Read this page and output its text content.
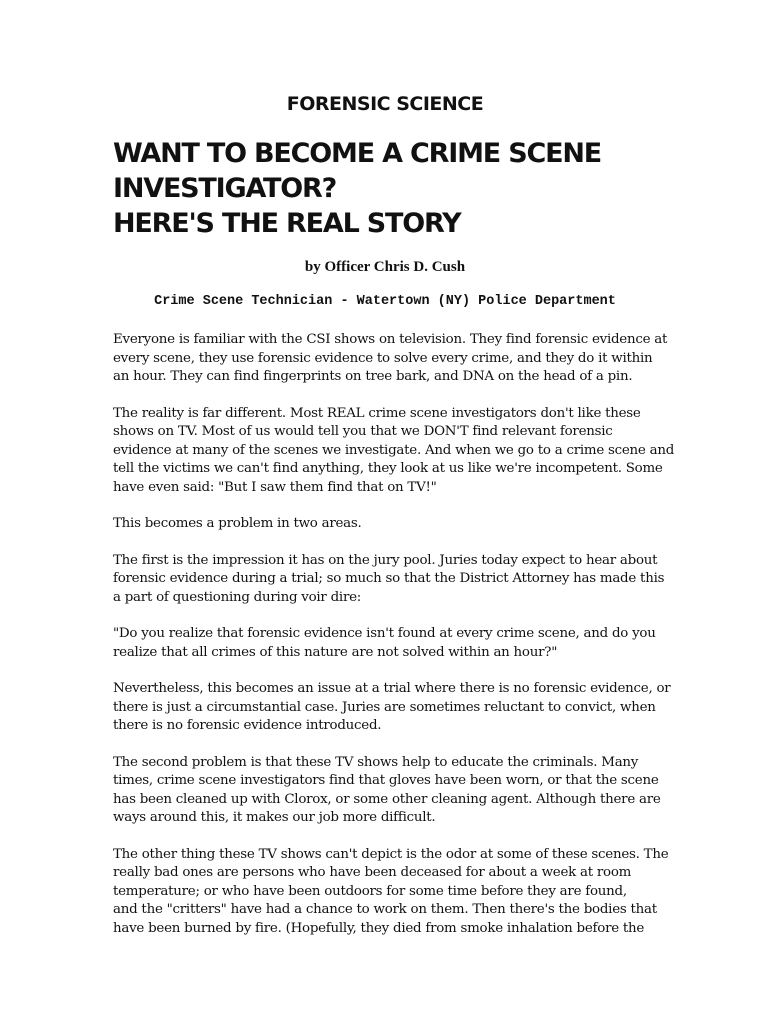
FORENSIC SCIENCE
WANT TO BECOME A CRIME SCENE
INVESTIGATOR?
HERE'S THE REAL STORY

by Officer Chris D. Cush

Crime Scene Technician - Watertown (NY) Police Department

Everyone is familiar with the CSI shows on television. They find forensic evidence at
every scene, they use forensic evidence to solve every crime, and they do it within
an hour. They can find fingerprints on tree bark, and DNA on the head of a pin.

The reality is far different. Most REAL crime scene investigators don't like these
shows on TV. Most of us would tell you that we DON'T find relevant forensic
evidence at many of the scenes we investigate. And when we go to a crime scene and
tell the victims we can't find anything, they look at us like we're incompetent. Some
have even said: "But I saw them find that on TV!"

This becomes a problem in two areas.

The first is the impression it has on the jury pool. Juries today expect to hear about
forensic evidence during a trial; so much so that the District Attorney has made this
a part of questioning during voir dire:

"Do you realize that forensic evidence isn't found at every crime scene, and do you
realize that all crimes of this nature are not solved within an hour?"

Nevertheless, this becomes an issue at a trial where there is no forensic evidence, or
there is just a circumstantial case. Juries are sometimes reluctant to convict, when
there is no forensic evidence introduced.

The second problem is that these TV shows help to educate the criminals. Many
times, crime scene investigators find that gloves have been worn, or that the scene
has been cleaned up with Clorox, or some other cleaning agent. Although there are
ways around this, it makes our job more difficult.

The other thing these TV shows can't depict is the odor at some of these scenes. The
really bad ones are persons who have been deceased for about a week at room
temperature; or who have been outdoors for some time before they are found,
and the "critters" have had a chance to work on them. Then there's the bodies that
have been burned by fire. (Hopefully, they died from smoke inhalation before the
